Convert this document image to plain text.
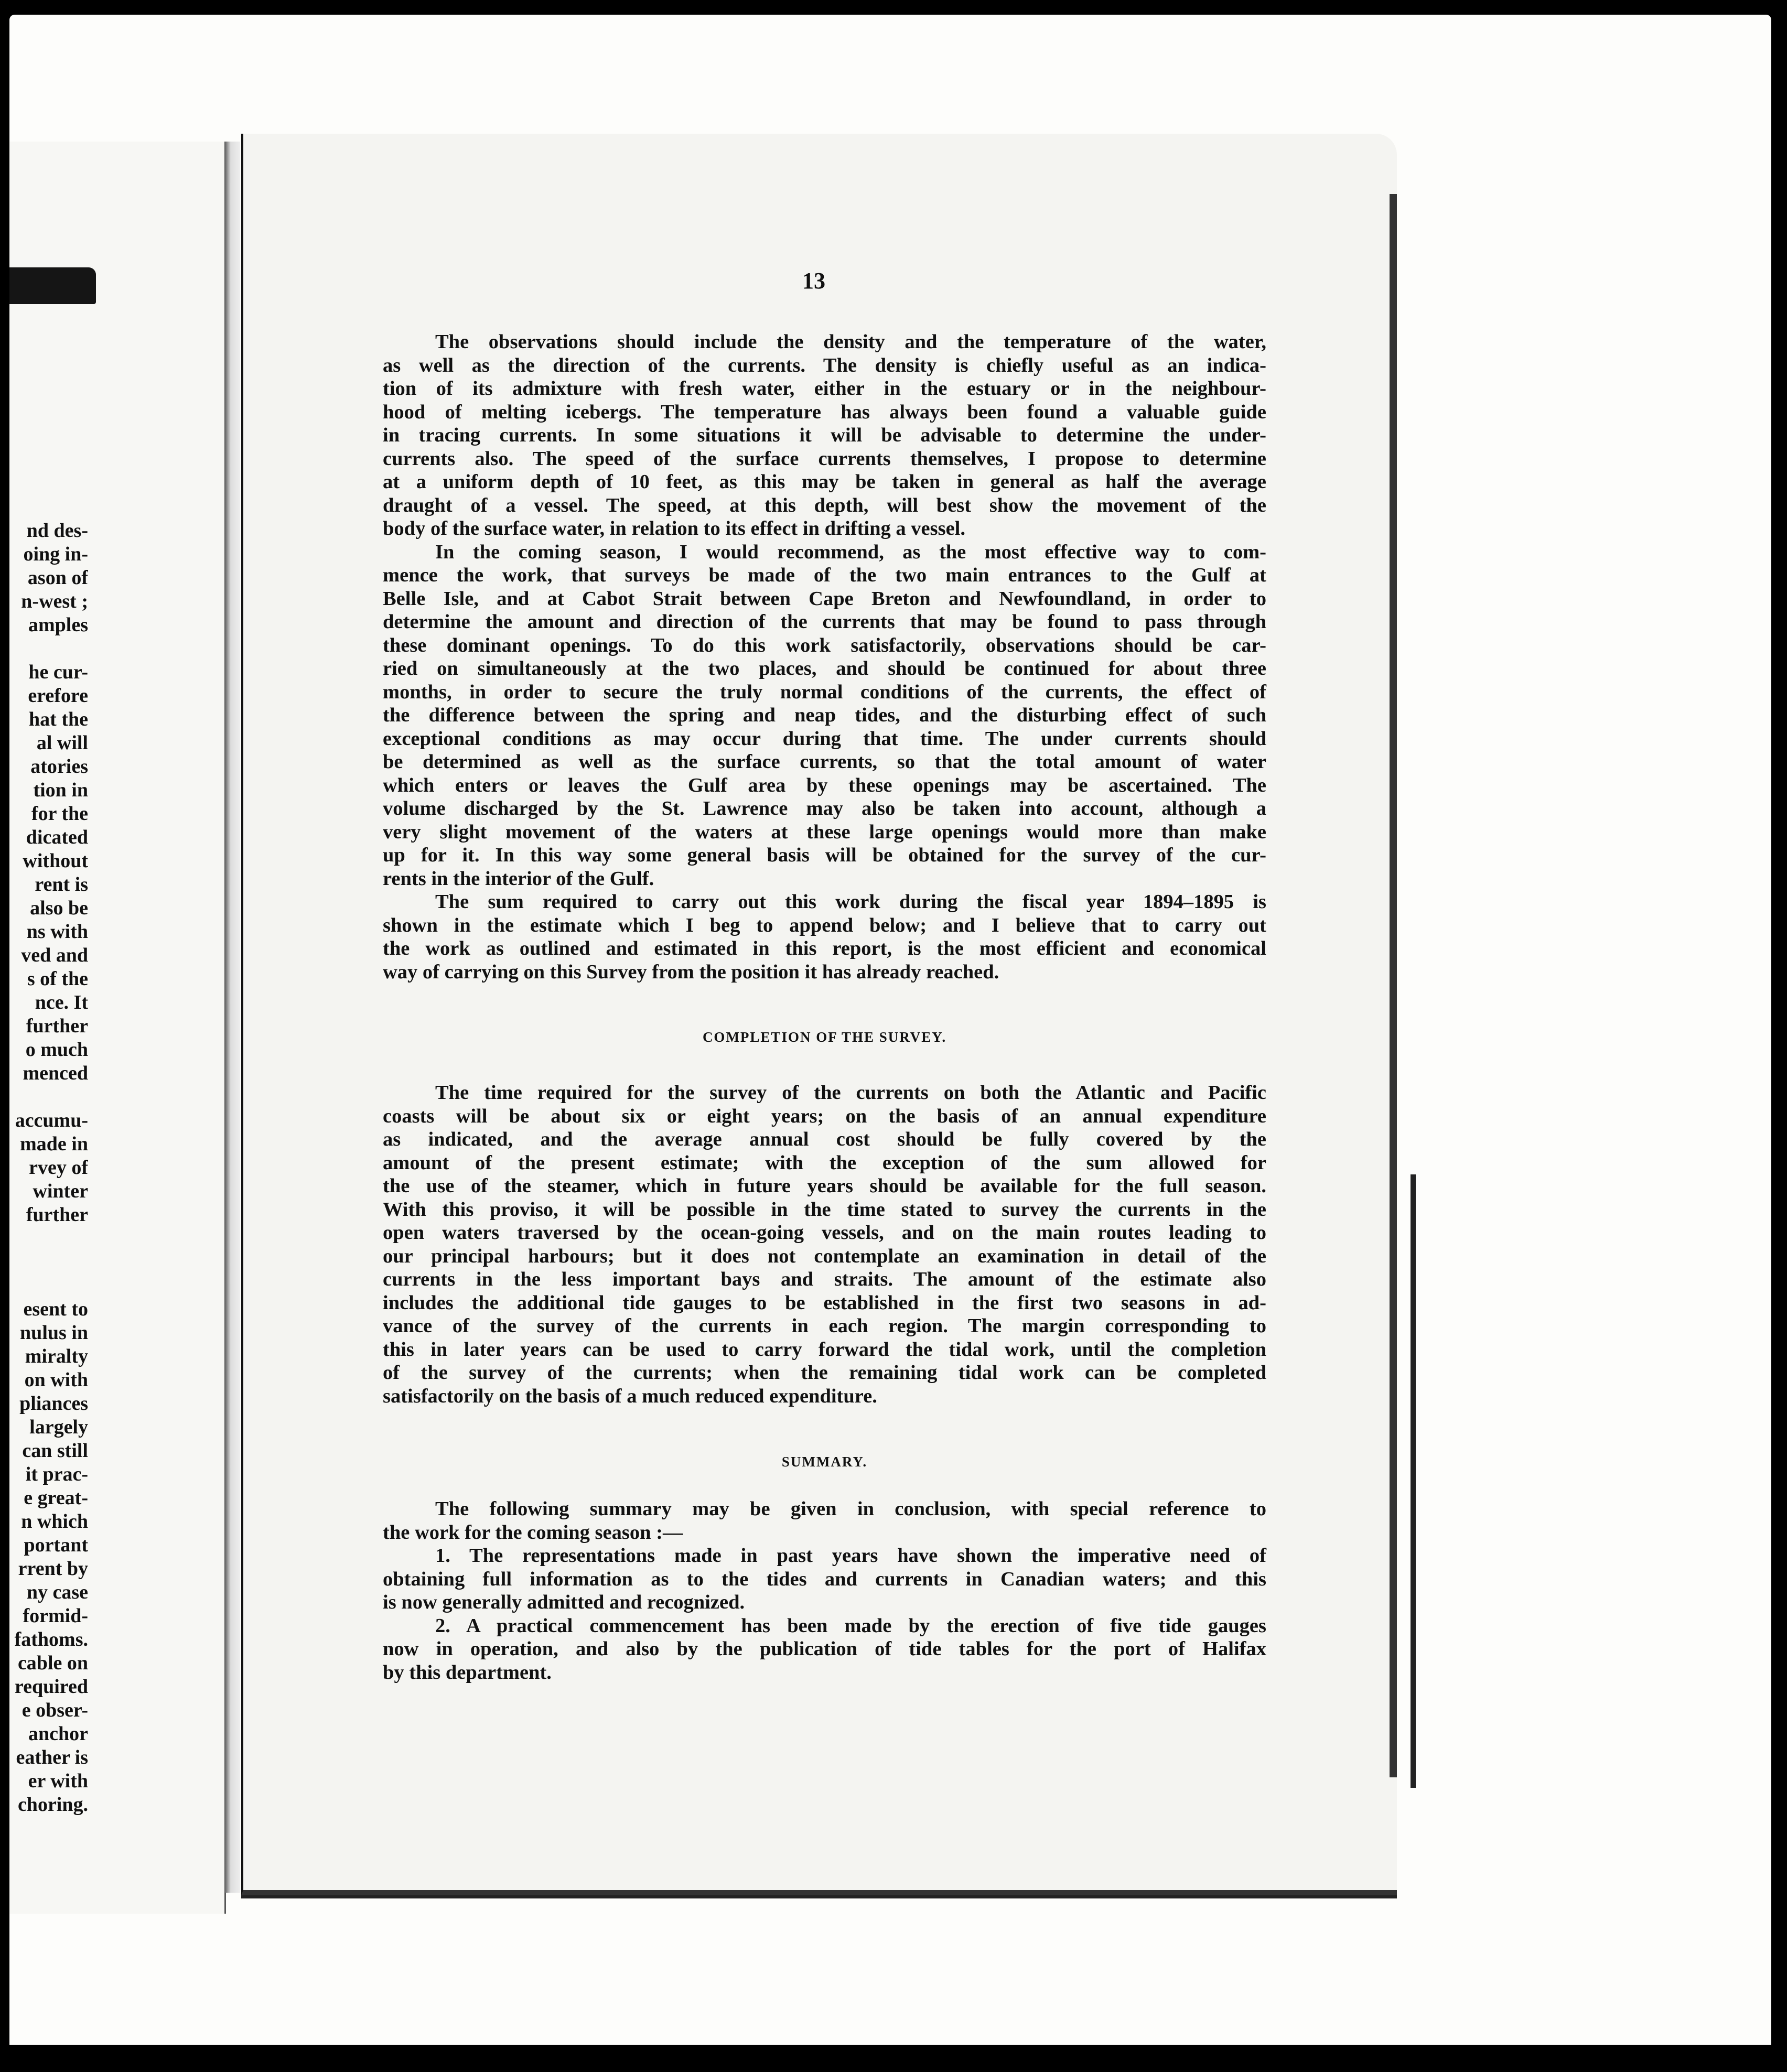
nd des-
oing in-
ason of
n-west ;
amples
he cur-
erefore
hat the
al will
atories
tion in
for the
dicated
without
rent is
also be
ns with
ved and
s of the
nce. It
further
o much
menced
accumu-
made in
rvey of
winter
further
esent to
nulus in
miralty
on with
pliances
largely
can still
it prac-
e great-
n which
portant
rrent by
ny case
formid-
fathoms.
cable on
required
e obser-
anchor
eather is
er with
choring.
13
The observations should include the density and the temperature of the water,
as well as the direction of the currents. The density is chiefly useful as an indica-
tion of its admixture with fresh water, either in the estuary or in the neighbour-
hood of melting icebergs. The temperature has always been found a valuable guide
in tracing currents. In some situations it will be advisable to determine the under-
currents also. The speed of the surface currents themselves, I propose to determine
at a uniform depth of 10 feet, as this may be taken in general as half the average
draught of a vessel. The speed, at this depth, will best show the movement of the
body of the surface water, in relation to its effect in drifting a vessel.
In the coming season, I would recommend, as the most effective way to com-
mence the work, that surveys be made of the two main entrances to the Gulf at
Belle Isle, and at Cabot Strait between Cape Breton and Newfoundland, in order to
determine the amount and direction of the currents that may be found to pass through
these dominant openings. To do this work satisfactorily, observations should be car-
ried on simultaneously at the two places, and should be continued for about three
months, in order to secure the truly normal conditions of the currents, the effect of
the difference between the spring and neap tides, and the disturbing effect of such
exceptional conditions as may occur during that time. The under currents should
be determined as well as the surface currents, so that the total amount of water
which enters or leaves the Gulf area by these openings may be ascertained. The
volume discharged by the St. Lawrence may also be taken into account, although a
very slight movement of the waters at these large openings would more than make
up for it. In this way some general basis will be obtained for the survey of the cur-
rents in the interior of the Gulf.
The sum required to carry out this work during the fiscal year 1894–1895 is
shown in the estimate which I beg to append below; and I believe that to carry out
the work as outlined and estimated in this report, is the most efficient and economical
way of carrying on this Survey from the position it has already reached.
COMPLETION OF THE SURVEY.
The time required for the survey of the currents on both the Atlantic and Pacific
coasts will be about six or eight years; on the basis of an annual expenditure
as indicated, and the average annual cost should be fully covered by the
amount of the present estimate; with the exception of the sum allowed for
the use of the steamer, which in future years should be available for the full season.
With this proviso, it will be possible in the time stated to survey the currents in the
open waters traversed by the ocean-going vessels, and on the main routes leading to
our principal harbours; but it does not contemplate an examination in detail of the
currents in the less important bays and straits. The amount of the estimate also
includes the additional tide gauges to be established in the first two seasons in ad-
vance of the survey of the currents in each region. The margin corresponding to
this in later years can be used to carry forward the tidal work, until the completion
of the survey of the currents; when the remaining tidal work can be completed
satisfactorily on the basis of a much reduced expenditure.
SUMMARY.
The following summary may be given in conclusion, with special reference to
the work for the coming season :—
1. The representations made in past years have shown the imperative need of
obtaining full information as to the tides and currents in Canadian waters; and this
is now generally admitted and recognized.
2. A practical commencement has been made by the erection of five tide gauges
now in operation, and also by the publication of tide tables for the port of Halifax
by this department.
